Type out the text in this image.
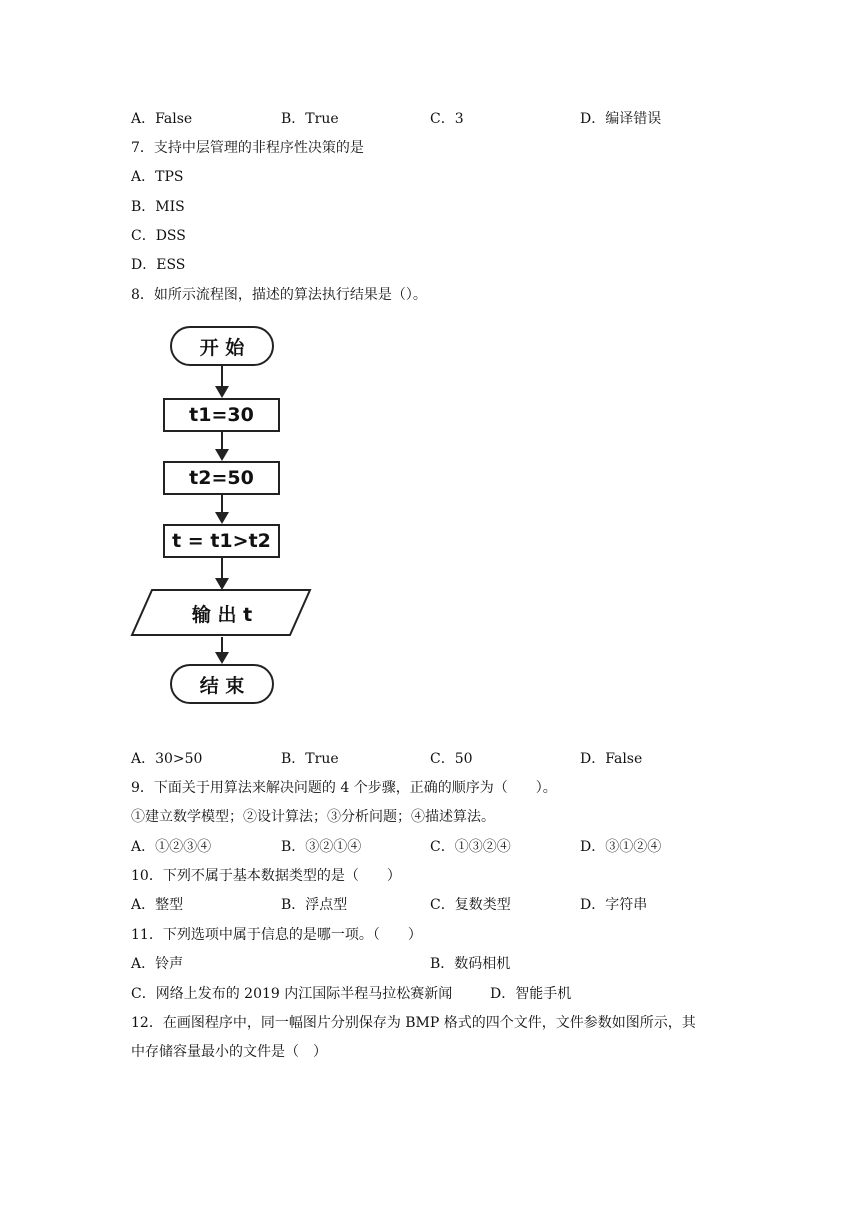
A．False	B．True	C．3	D．编译错误
7．支持中层管理的非程序性决策的是
A．TPS
B．MIS
C．DSS
D．ESS
8．如所示流程图，描述的算法执行结果是（）。
开 始
t1=30
t2=50
t = t1>t2
输 出 t
结 束
A．30>50	B．True	C．50	D．False
9．下面关于用算法来解决问题的 4 个步骤，正确的顺序为（　　）。
①建立数学模型；②设计算法；③分析问题；④描述算法。
A．①②③④	B．③②①④	C．①③②④	D．③①②④
10．下列不属于基本数据类型的是（　　）
A．整型	B．浮点型	C．复数类型	D．字符串
11．下列选项中属于信息的是哪一项。（　　）
A．铃声	B．数码相机
C．网络上发布的 2019 内江国际半程马拉松赛新闻	D．智能手机
12．在画图程序中，同一幅图片分别保存为 BMP 格式的四个文件，文件参数如图所示，其
中存储容量最小的文件是（　）
